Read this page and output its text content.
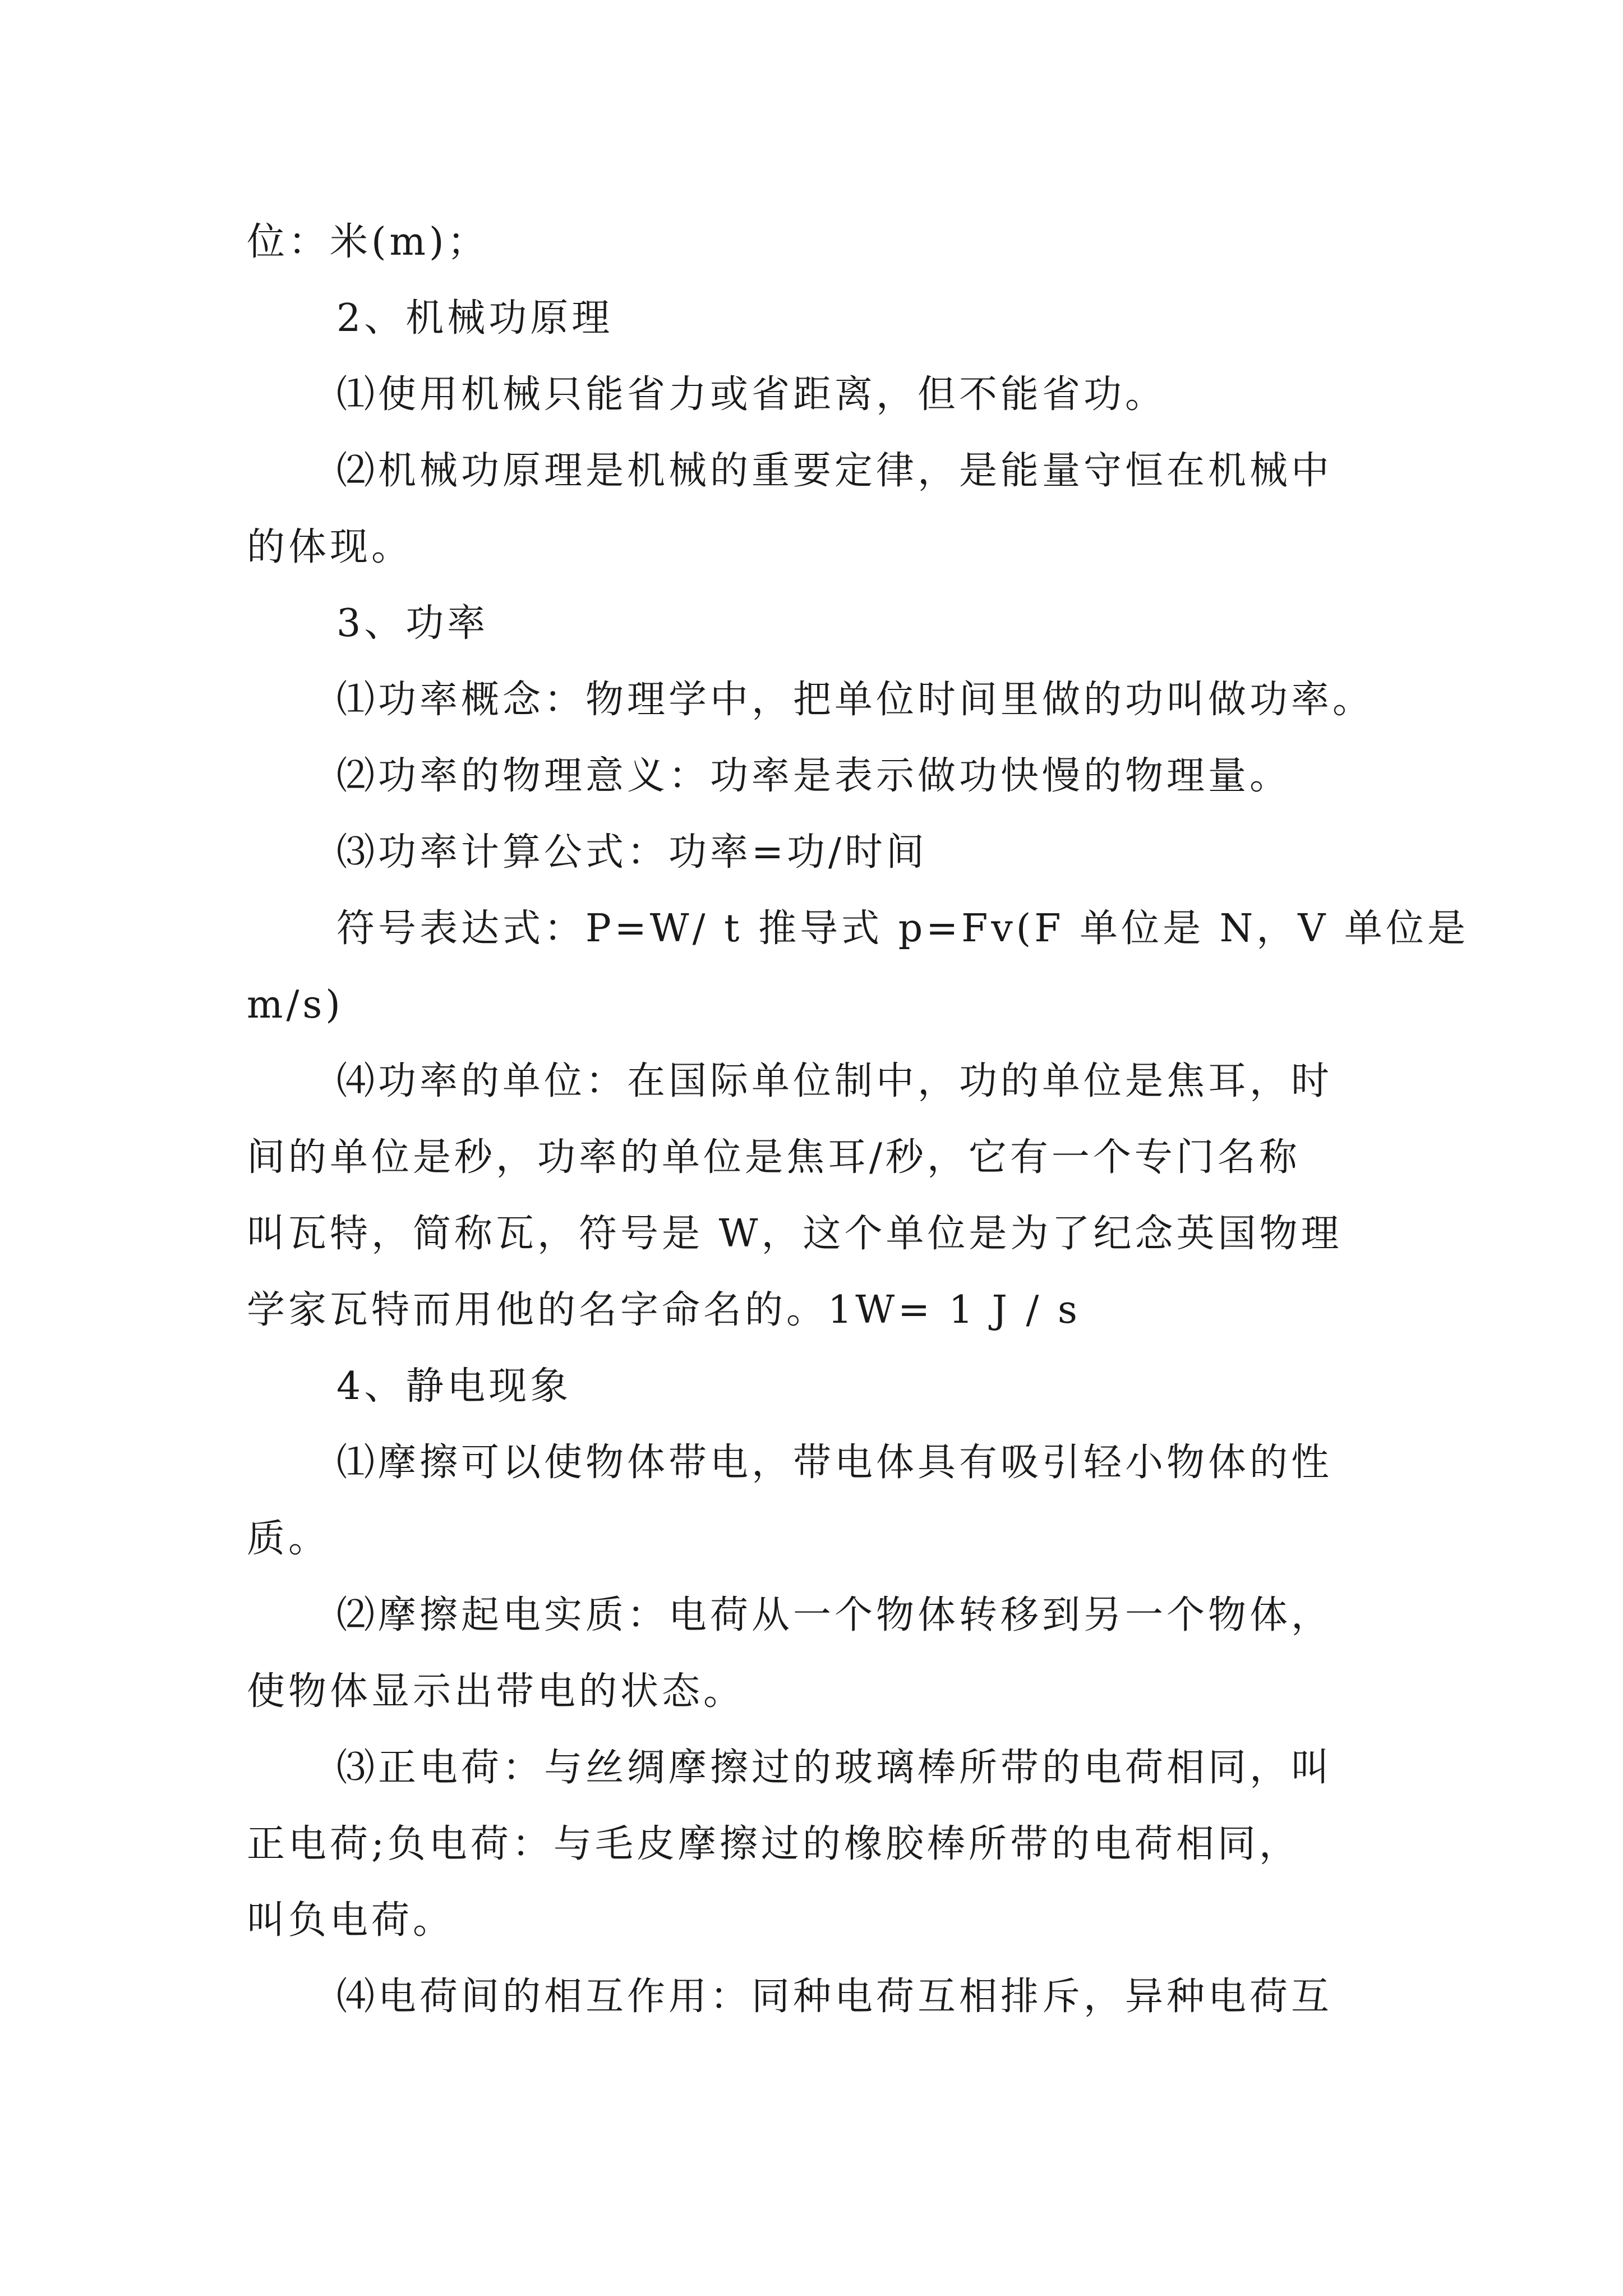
位：米(m)；
2、机械功原理
⑴使用机械只能省力或省距离，但不能省功。
⑵机械功原理是机械的重要定律，是能量守恒在机械中
的体现。
3、功率
⑴功率概念：物理学中，把单位时间里做的功叫做功率。
⑵功率的物理意义：功率是表示做功快慢的物理量。
⑶功率计算公式：功率=功/时间
符号表达式：P=W/ t 推导式 p=Fv(F 单位是 N，V 单位是
m/s)
⑷功率的单位：在国际单位制中，功的单位是焦耳，时
间的单位是秒，功率的单位是焦耳/秒，它有一个专门名称
叫瓦特，简称瓦，符号是 W，这个单位是为了纪念英国物理
学家瓦特而用他的名字命名的。1W= 1 J / s
4、静电现象
⑴摩擦可以使物体带电，带电体具有吸引轻小物体的性
质。
⑵摩擦起电实质：电荷从一个物体转移到另一个物体，
使物体显示出带电的状态。
⑶正电荷：与丝绸摩擦过的玻璃棒所带的电荷相同，叫
正电荷;负电荷：与毛皮摩擦过的橡胶棒所带的电荷相同，
叫负电荷。
⑷电荷间的相互作用：同种电荷互相排斥，异种电荷互
